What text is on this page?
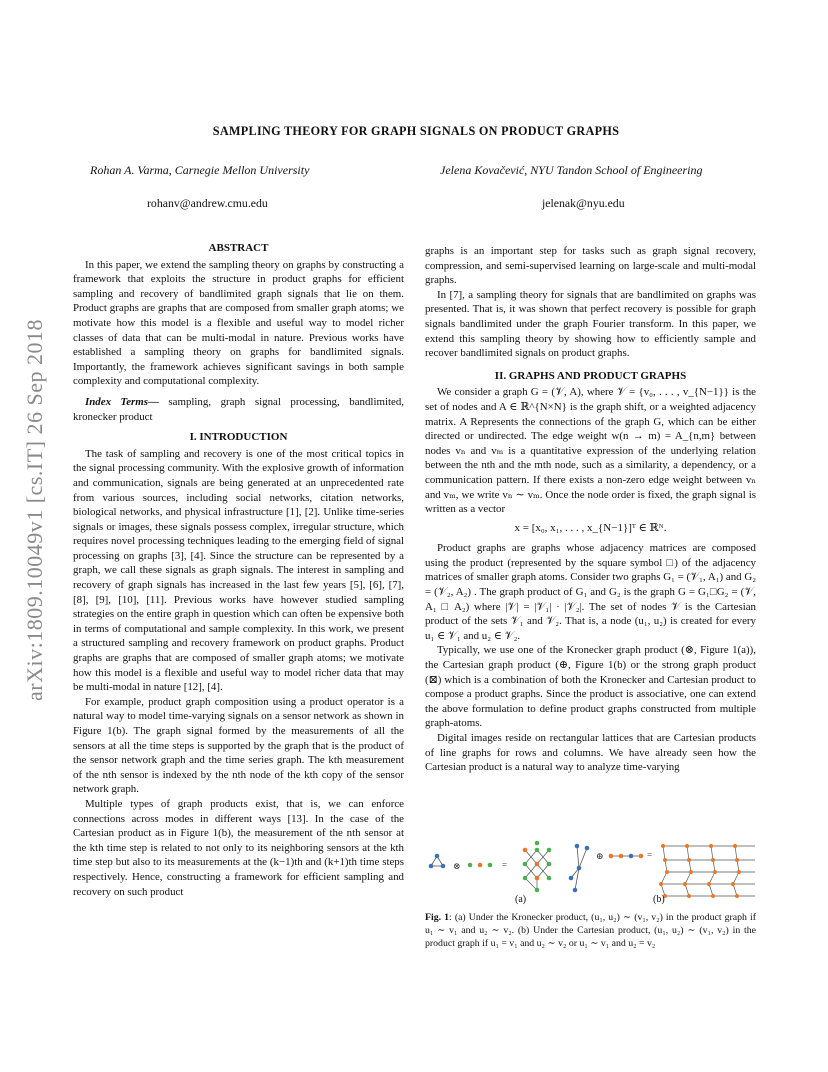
arXiv:1809.10049v1 [cs.IT] 26 Sep 2018
SAMPLING THEORY FOR GRAPH SIGNALS ON PRODUCT GRAPHS
Rohan A. Varma, Carnegie Mellon University	Jelena Kovačević, NYU Tandon School of Engineering
rohanv@andrew.cmu.edu	jelenak@nyu.edu
ABSTRACT

In this paper, we extend the sampling theory on graphs by constructing a framework that exploits the structure in product graphs for efficient sampling and recovery of bandlimited graph signals that lie on them. Product graphs are graphs that are composed from smaller graph atoms; we motivate how this model is a flexible and useful way to model richer classes of data that can be multi-modal in nature. Previous works have established a sampling theory on graphs for bandlimited signals. Importantly, the framework achieves significant savings in both sample complexity and computational complexity.

Index Terms— sampling, graph signal processing, bandlimited, kronecker product

I. INTRODUCTION

The task of sampling and recovery is one of the most critical topics in the signal processing community. With the explosive growth of information and communication, signals are being generated at an unprecedented rate from various sources, including social networks, citation networks, biological networks, and physical infrastructure [1], [2]. Unlike time-series signals or images, these signals possess complex, irregular structure, which requires novel processing techniques leading to the emerging field of signal processing on graphs [3], [4]. Since the structure can be represented by a graph, we call these signals as graph signals. The interest in sampling and recovery of graph signals has increased in the last few years [5], [6], [7], [8], [9], [10], [11]. Previous works have however studied sampling strategies on the entire graph in question which can often be expensive both in terms of computational and sample complexity. In this work, we present a structured sampling and recovery framework on product graphs. Product graphs are graphs that are composed of smaller graph atoms; we motivate how this model is a flexible and useful way to model richer data that may be multi-modal in nature [12], [4].

For example, product graph composition using a product operator is a natural way to model time-varying signals on a sensor network as shown in Figure 1(b). The graph signal formed by the measurements of all the sensors at all the time steps is supported by the graph that is the product of the sensor network graph and the time series graph. The kth measurement of the nth sensor is indexed by the nth node of the kth copy of the sensor network graph.

Multiple types of graph products exist, that is, we can enforce connections across modes in different ways [13]. In the case of the Cartesian product as in Figure 1(b), the measurement of the nth sensor at the kth time step is related to not only to its neighboring sensors at the kth time step but also to its measurements at the (k−1)th and (k+1)th time steps respectively. Hence, constructing a framework for efficient sampling and recovery on such product

graphs is an important step for tasks such as graph signal recovery, compression, and semi-supervised learning on large-scale and multi-modal graphs.

In [7], a sampling theory for signals that are bandlimited on graphs was presented. That is, it was shown that perfect recovery is possible for graph signals bandlimited under the graph Fourier transform. In this paper, we extend this sampling theory by showing how to efficiently sample and recover bandlimited signals on product graphs.

II. GRAPHS AND PRODUCT GRAPHS

We consider a graph G = (𝒱, A), where 𝒱 = {v₀, . . . , v_{N−1}} is the set of nodes and A ∈ ℝ^{N×N} is the graph shift, or a weighted adjacency matrix. A Represents the connections of the graph G, which can be either directed or undirected. The edge weight w(n → m) = A_{n,m} between nodes vₙ and vₘ is a quantitative expression of the underlying relation between the nth and the mth node, such as a similarity, a dependency, or a communication pattern. If there exists a non-zero edge weight between vₙ and vₘ, we write vₙ ∼ vₘ. Once the node order is fixed, the graph signal is written as a vector

x = [x₀, x₁, . . . , x_{N−1}]ᵀ ∈ ℝᴺ.

Product graphs are graphs whose adjacency matrices are composed using the product (represented by the square symbol □) of the adjacency matrices of smaller graph atoms. Consider two graphs G₁ = (𝒱₁, A₁) and G₂ = (𝒱₂, A₂) . The graph product of G₁ and G₂ is the graph G = G₁□G₂ = (𝒱, A₁ □ A₂) where |𝒱| = |𝒱₁| · |𝒱₂|. The set of nodes 𝒱 is the Cartesian product of the sets 𝒱₁ and 𝒱₂. That is, a node (u₁, u₂) is created for every u₁ ∈ 𝒱₁ and u₂ ∈ 𝒱₂.

Typically, we use one of the Kronecker graph product (⊗, Figure 1(a)), the Cartesian graph product (⊕, Figure 1(b) or the strong graph product (⊠) which is a combination of both the Kronecker and Cartesian product to compose a product graphs. Since the product is associative, one can extend the above formulation to define product graphs constructed from multiple graph-atoms.

Digital images reside on rectangular lattices that are Cartesian products of line graphs for rows and columns. We have already seen how the Cartesian product is a natural way to analyze time-varying

⊗	=
(a)
⊕	=
(b)
Fig. 1: (a) Under the Kronecker product, (u₁, u₂) ∼ (v₁, v₂) in the product graph if u₁ ∼ v₁ and u₂ ∼ v₂. (b) Under the Cartesian product, (u₁, u₂) ∼ (v₁, v₂) in the product graph if u₁ = v₁ and u₂ ∼ v₂ or u₁ ∼ v₁ and u₂ = v₂
